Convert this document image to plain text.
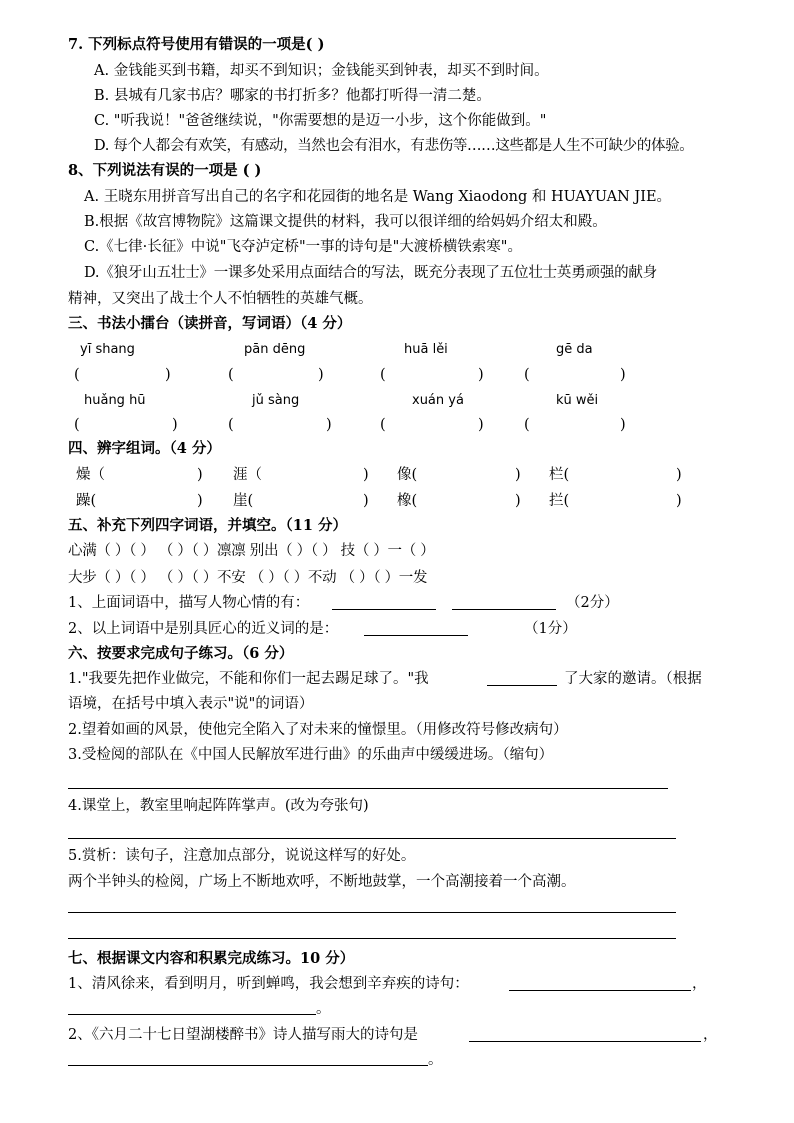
7. 下列标点符号使用有错误的一项是( )
A. 金钱能买到书籍，却买不到知识；金钱能买到钟表，却买不到时间。
B. 县城有几家书店？哪家的书打折多？他都打听得一清二楚。
C. "听我说！"爸爸继续说，"你需要想的是迈一小步，这个你能做到。"
D. 每个人都会有欢笑，有感动，当然也会有泪水，有悲伤等……这些都是人生不可缺少的体验。
8、下列说法有误的一项是 ( )
A. 王晓东用拼音写出自己的名字和花园街的地名是 Wang Xiaodong 和 HUAYUAN JIE。
B.根据《故宫博物院》这篇课文提供的材料，我可以很详细的给妈妈介绍太和殿。
C.《七律·长征》中说"飞夺泸定桥"一事的诗句是"大渡桥横铁索寒"。
D.《狼牙山五壮士》一课多处采用点面结合的写法，既充分表现了五位壮士英勇顽强的献身
精神，又突出了战士个人不怕牺牲的英雄气概。
三、书法小擂台（读拼音，写词语）（4 分）
yī shang	pān dēng	huā lěi	gē da
(	)	(	)	(	)	(	)
huǎng hū	jǔ sàng	xuán yá	kū wěi
(	)	(	)	(	)	(	)
四、辨字组词。（4 分）
燥（	) 涯（	) 像(	) 栏(	)
躁(	) 崖(	) 橡(	) 拦(	)
五、补充下列四字词语，并填空。（11 分）
心满（ ）（ ） （ ）（ ）凛凛 别出（ ）（ ） 技（ ）一（ ）
大步（ ）（ ） （ ）（ ）不安 （ ）（ ）不动 （ ）（ ）一发
1、上面词语中，描写人物心情的有：	（2分）
2、以上词语中是别具匠心的近义词的是：	（1分）
六、按要求完成句子练习。（6 分）
1."我要先把作业做完，不能和你们一起去踢足球了。"我	了大家的邀请。（根据
语境，在括号中填入表示"说"的词语）
2.望着如画的风景，使他完全陷入了对未来的憧憬里。（用修改符号修改病句）
3.受检阅的部队在《中国人民解放军进行曲》的乐曲声中缓缓进场。（缩句）
4.课堂上，教室里响起阵阵掌声。(改为夸张句)
5.赏析：读句子，注意加点部分，说说这样写的好处。
两个半钟头的检阅，广场上不断地欢呼，不断地鼓掌，一个高潮接着一个高潮。
七、根据课文内容和积累完成练习。10 分）
1、清风徐来，看到明月，听到蝉鸣，我会想到辛弃疾的诗句：	，
。
2、《六月二十七日望湖楼醉书》诗人描写雨大的诗句是	，
。
